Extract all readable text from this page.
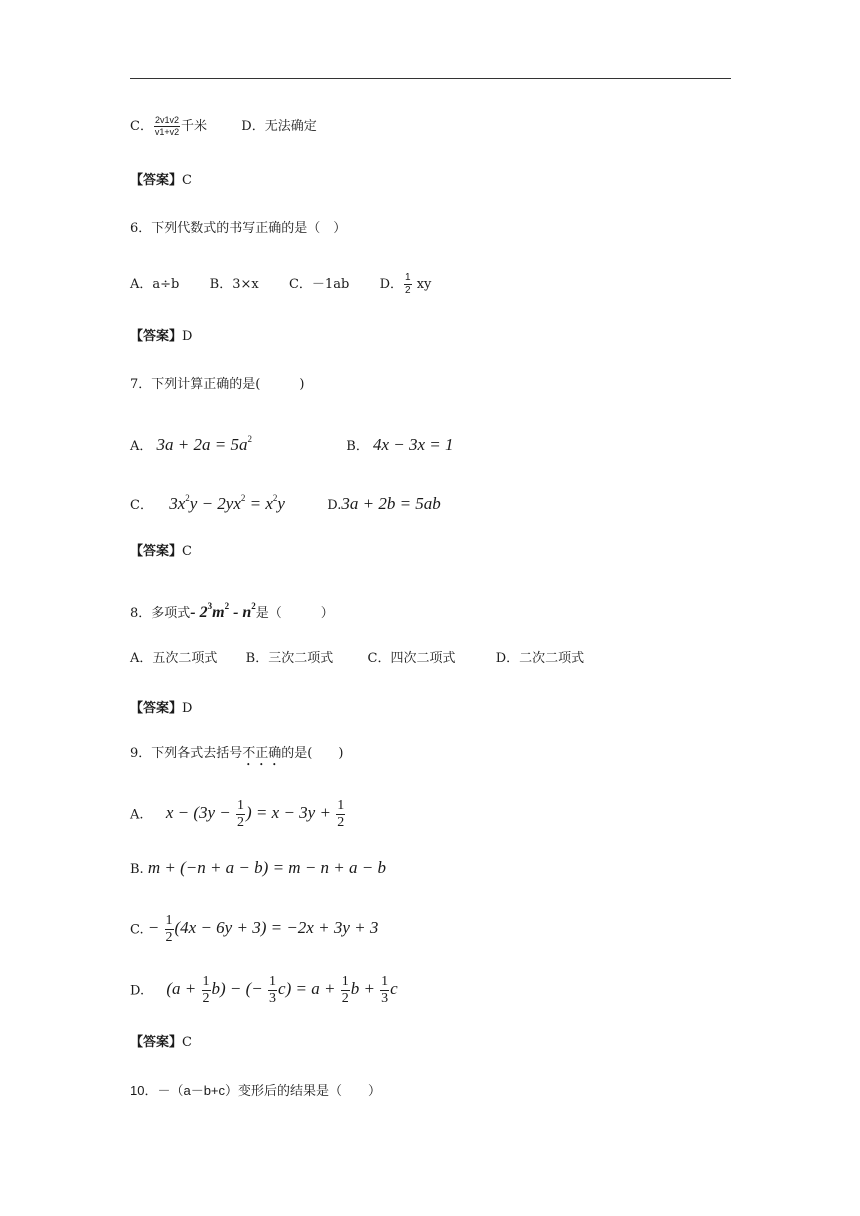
C． $\frac{2v1v2}{v1+v2}$ 千米	D．无法确定
【答案】C
6．下列代数式的书写正确的是（　）
A．a÷b B．3×x C．－1ab D． $\frac{1}{2}$ xy
【答案】D
7．下列计算正确的是(　　　)
A． $3a + 2a = 5a^2$	B． 4x − 3x = 1
C． $3x^2y - 2yx^2 = x^2y$	D.3a + 2b = 5ab
【答案】C
8．多项式- $2^3m^2 - n^2$是（　　　）
A．五次二项式 B．三次二项式	C．四次二项式	D．二次二项式
【答案】D
9．下列各式去括号不正确的是(　　)
A. $x - (3y - \frac{1}{2}$ ) = $x - 3y + \frac{1}{2}$
B. m + (−n + a − b) = m − n + a − b
C. − $\frac{1}{2} (4x - 6y + 3) = -2x + 3y + 3$
D. $(a + \frac{1}{2} b)$ − (− $\frac{1}{3} c) = a + \frac{1}{2}$ $b + \frac{1}{3}$ c
【答案】C
10．－（a－b+c）变形后的结果是（　　）
